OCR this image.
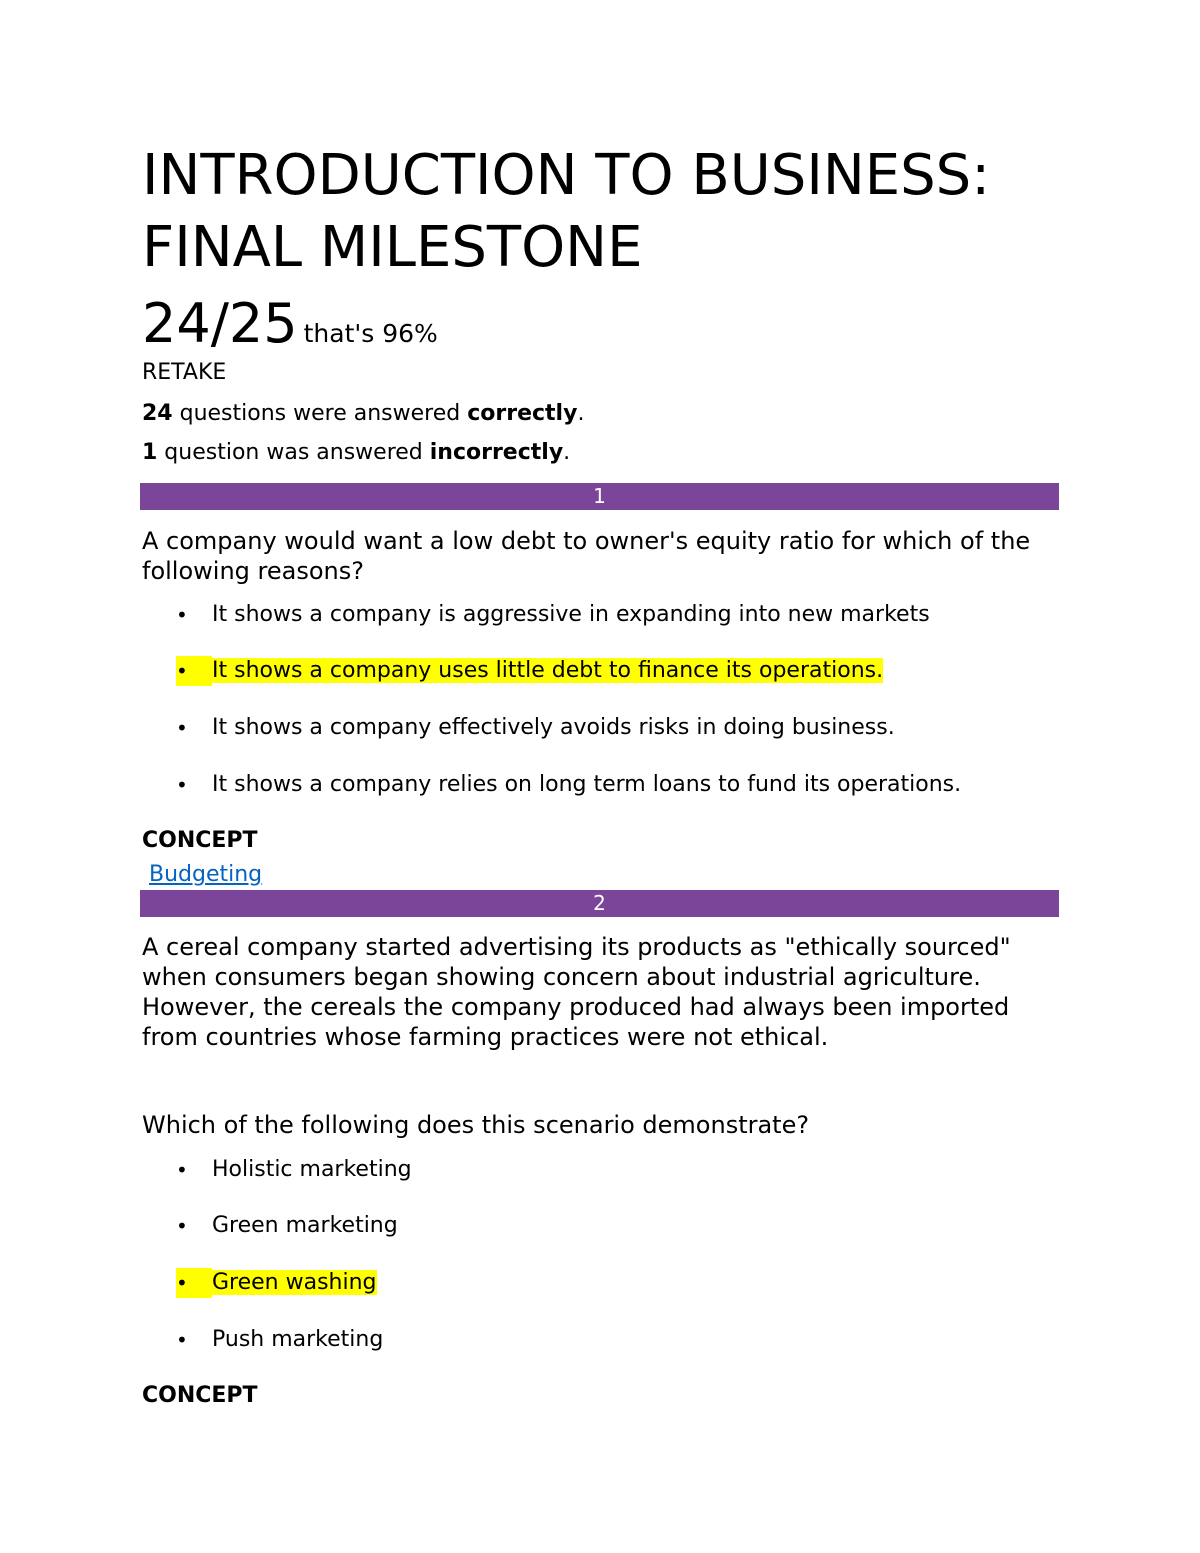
INTRODUCTION TO BUSINESS: FINAL MILESTONE
24/25 that's 96%
RETAKE
24 questions were answered correctly.
1 question was answered incorrectly.
1

A company would want a low debt to owner's equity ratio for which of the following reasons?

•	It shows a company is aggressive in expanding into new markets
•	It shows a company uses little debt to finance its operations.
•	It shows a company effectively avoids risks in doing business.
•	It shows a company relies on long term loans to fund its operations.
CONCEPT
Budgeting
2

A cereal company started advertising its products as "ethically sourced" when consumers began showing concern about industrial agriculture. However, the cereals the company produced had always been imported from countries whose farming practices were not ethical.

Which of the following does this scenario demonstrate?

•	Holistic marketing
•	Green marketing
•	Green washing
•	Push marketing
CONCEPT
